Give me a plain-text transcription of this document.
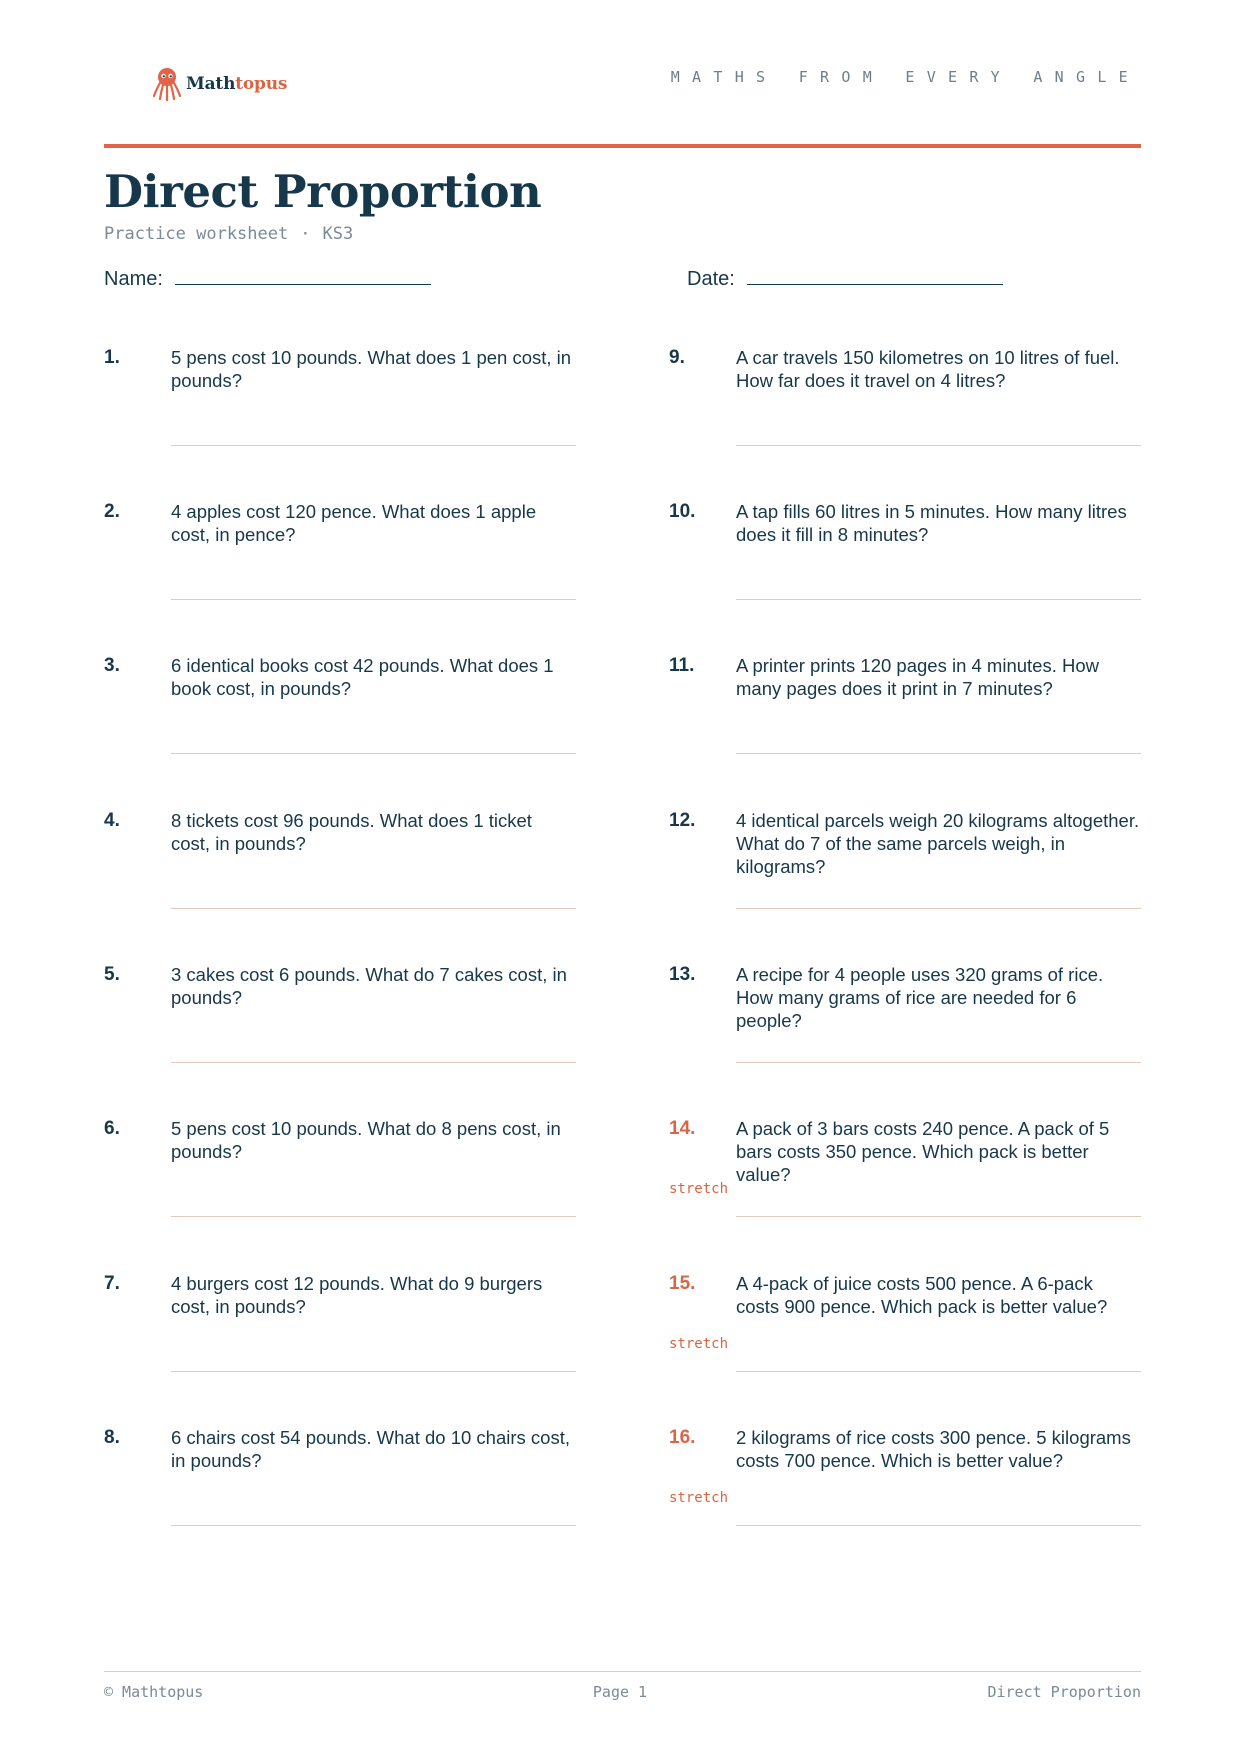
Mathtopus	MATHS FROM EVERY ANGLE
Direct Proportion
Practice worksheet · KS3
Name:	Date:
1.	5 pens cost 10 pounds. What does 1 pen cost, in pounds?
2.	4 apples cost 120 pence. What does 1 apple cost, in pence?
3.	6 identical books cost 42 pounds. What does 1 book cost, in pounds?
4.	8 tickets cost 96 pounds. What does 1 ticket cost, in pounds?
5.	3 cakes cost 6 pounds. What do 7 cakes cost, in pounds?
6.	5 pens cost 10 pounds. What do 8 pens cost, in pounds?
7.	4 burgers cost 12 pounds. What do 9 burgers cost, in pounds?
8.	6 chairs cost 54 pounds. What do 10 chairs cost, in pounds?
9.	A car travels 150 kilometres on 10 litres of fuel. How far does it travel on 4 litres?
10. A tap fills 60 litres in 5 minutes. How many litres does it fill in 8 minutes?
11. A printer prints 120 pages in 4 minutes. How many pages does it print in 7 minutes?
12. 4 identical parcels weigh 20 kilograms altogether. What do 7 of the same parcels weigh, in kilograms?
13. A recipe for 4 people uses 320 grams of rice. How many grams of rice are needed for 6 people?
14. A pack of 3 bars costs 240 pence. A pack of 5 bars costs 350 pence. Which pack is better value?
stretch
15. A 4-pack of juice costs 500 pence. A 6-pack costs 900 pence. Which pack is better value?
stretch
16. 2 kilograms of rice costs 300 pence. 5 kilograms costs 700 pence. Which is better value?
stretch
© Mathtopus	Page 1	Direct Proportion
